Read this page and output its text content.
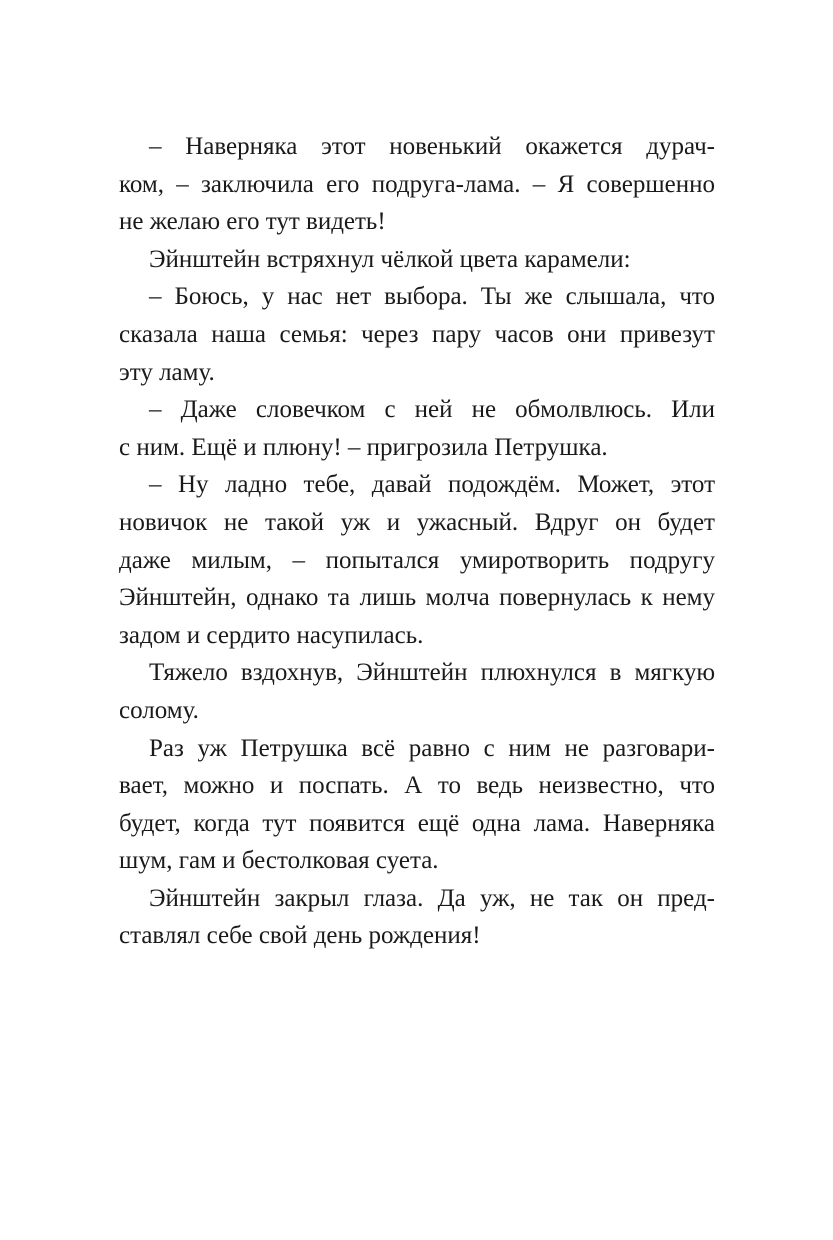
– Наверняка этот новенький окажется дурач-
ком, – заключила его подруга-лама. – Я совершенно
не желаю его тут видеть!
Эйнштейн встряхнул чёлкой цвета карамели:
– Боюсь, у нас нет выбора. Ты же слышала, что
сказала наша семья: через пару часов они привезут
эту ламу.
– Даже словечком с ней не обмолвлюсь. Или
с ним. Ещё и плюну! – пригрозила Петрушка.
– Ну ладно тебе, давай подождём. Может, этот
новичок не такой уж и ужасный. Вдруг он будет
даже милым, – попытался умиротворить подругу
Эйнштейн, однако та лишь молча повернулась к нему
задом и сердито насупилась.
Тяжело вздохнув, Эйнштейн плюхнулся в мягкую
солому.
Раз уж Петрушка всё равно с ним не разговари-
вает, можно и поспать. А то ведь неизвестно, что
будет, когда тут появится ещё одна лама. Наверняка
шум, гам и бестолковая суета.
Эйнштейн закрыл глаза. Да уж, не так он пред-
ставлял себе свой день рождения!
